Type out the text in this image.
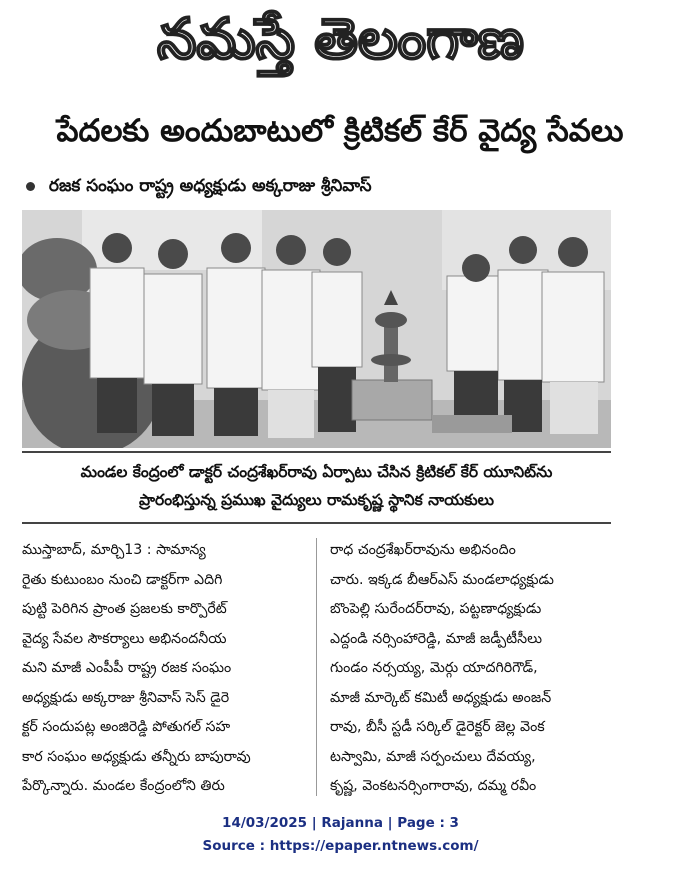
నమస్తే తెలంగాణ
పేదలకు అందుబాటులో క్రిటికల్ కేర్ వైద్య సేవలు
రజక సంఘం రాష్ట్ర అధ్యక్షుడు అక్కరాజు శ్రీనివాస్
మండల కేంద్రంలో డాక్టర్ చంద్రశేఖర్‌రావు ఏర్పాటు చేసిన క్రిటికల్ కేర్ యూనిట్‌ను
ప్రారంభిస్తున్న ప్రముఖ వైద్యులు రామకృష్ణ స్థానిక నాయకులు
ముస్తాబాద్, మార్చి13 : సామాన్య
రైతు కుటుంబం నుంచి డాక్టర్‌గా ఎదిగి
పుట్టి పెరిగిన ప్రాంత ప్రజలకు కార్పొరేట్
వైద్య సేవల సౌకర్యాలు అభినందనీయ
మని మాజీ ఎంపీపీ రాష్ట్ర రజక సంఘం
అధ్యక్షుడు అక్కరాజు శ్రీనివాస్ సెస్ డైరె
క్టర్ సందుపట్ల అంజిరెడ్డి పోతుగల్ సహ
కార సంఘం అధ్యక్షుడు తన్నీరు బాపురావు
పేర్కొన్నారు. మండల కేంద్రంలోని తిరు
రాధ చంద్రశేఖర్‌రావును అభినందిం
చారు. ఇక్కడ బీఆర్‌ఎస్ మండలాధ్యక్షుడు
బొంపెల్లి సురేందర్‌రావు, పట్టణాధ్యక్షుడు
ఎద్దండి నర్సింహారెడ్డి, మాజీ జడ్పీటీసీలు
గుండం నర్సయ్య, మెర్గు యాదగిరిగౌడ్,
మాజీ మార్కెట్ కమిటీ అధ్యక్షుడు అంజన్
రావు, బీసీ స్టడీ సర్కిల్ డైరెక్టర్ జెల్ల వెంక
టస్వామి, మాజీ సర్పంచులు దేవయ్య,
కృష్ణ, వెంకటనర్సింగారావు, దమ్మ రవీం
14/03/2025 | Rajanna | Page : 3
Source : https://epaper.ntnews.com/
